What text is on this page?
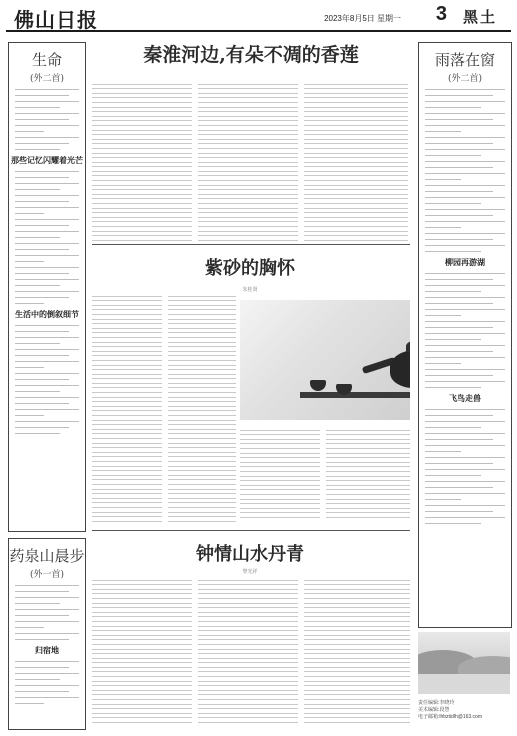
佛山日报	2023年8月5日 星期一 3 黑土
生命
(外二首)
那些记忆闪耀着光芒
生活中的倒叙细节
药泉山晨步
(外一首)
归宿地
秦淮河边,有朵不凋的香莲

紫砂的胸怀
朱桂贤
钟情山水丹青
黎光祥
雨落在窗
(外二首)
柳园再游湖
飞鸟走兽
责任编辑:李晓玲
美术编辑:段慧
电子邮箱:lhbztidlh@163.com
